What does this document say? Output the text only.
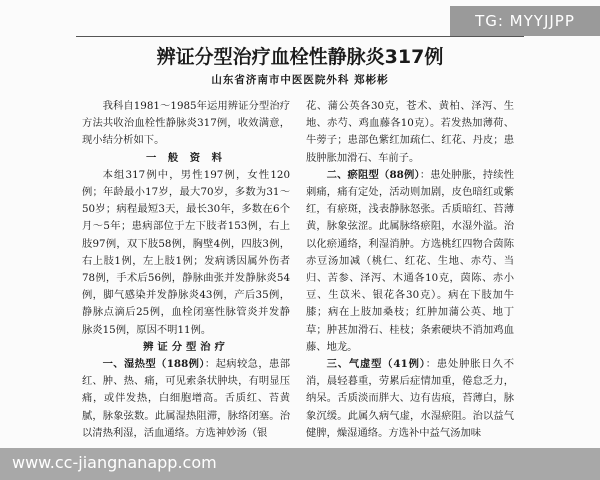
TG: MYYJJPP
辨证分型治疗血栓性静脉炎317例
山东省济南市中医医院外科 郑彬彬

我科自1981～1985年运用辨证分型治疗方法共收治血栓性静脉炎317例，收效满意，现小结分析如下。

一 般 资 料

本组317例中，男性197例，女性120例；年龄最小17岁，最大70岁，多数为31～50岁；病程最短3天，最长30年，多数在6个月～5年；患病部位于左下肢者153例，右上肢97例，双下肢58例，胸壁4例，四肢3例，右上肢1例，左上肢1例；发病诱因属外伤者78例，手术后56例，静脉曲张并发静脉炎54例，脚气感染并发静脉炎43例，产后35例，静脉点滴后25例，血栓闭塞性脉管炎并发静脉炎15例，原因不明11例。

辨证分型治疗

一、湿热型（188例）：起病较急，患部红、肿、热、痛，可见索条状肿块，有明显压痛，或伴发热，白细胞增高。舌质红、苔黄腻，脉象弦数。此属湿热阻滞，脉络闭塞。治以清热利湿，活血通络。方选神妙汤（银

花、蒲公英各30克，苍术、黄柏、泽泻、生地、赤芍、鸡血藤各10克）。若发热加薄荷、牛蒡子；患部色紫红加疏仁、红花、丹皮；患肢肿胀加滑石、车前子。

二、瘀阻型（88例）：患处肿胀，持续性刺痛，痛有定处，活动则加剧，皮色暗红或紫红，有瘀斑，浅表静脉怒张。舌质暗红、苔薄黄，脉象弦涩。此属脉络瘀阻，水湿外溢。治以化瘀通络，利湿消肿。方选桃红四物合茵陈赤豆汤加减（桃仁、红花、生地、赤芍、当归、苦参、泽泻、木通各10克，茵陈、赤小豆、生苡米、银花各30克）。病在下肢加牛膝；病在上肢加桑枝；红肿加蒲公英、地丁草；肿甚加滑石、桂枝；条索硬块不消加鸡血藤、地龙。

三、气虚型（41例）：患处肿胀日久不消，晨轻暮重，劳累后症情加重，倦怠乏力，纳呆。舌质淡而胖大、边有齿痕，苔薄白，脉象沉缓。此属久病气虚，水湿瘀阻。治以益气健脾，燥湿通络。方选补中益气汤加味

www.cc-jiangnanapp.com
